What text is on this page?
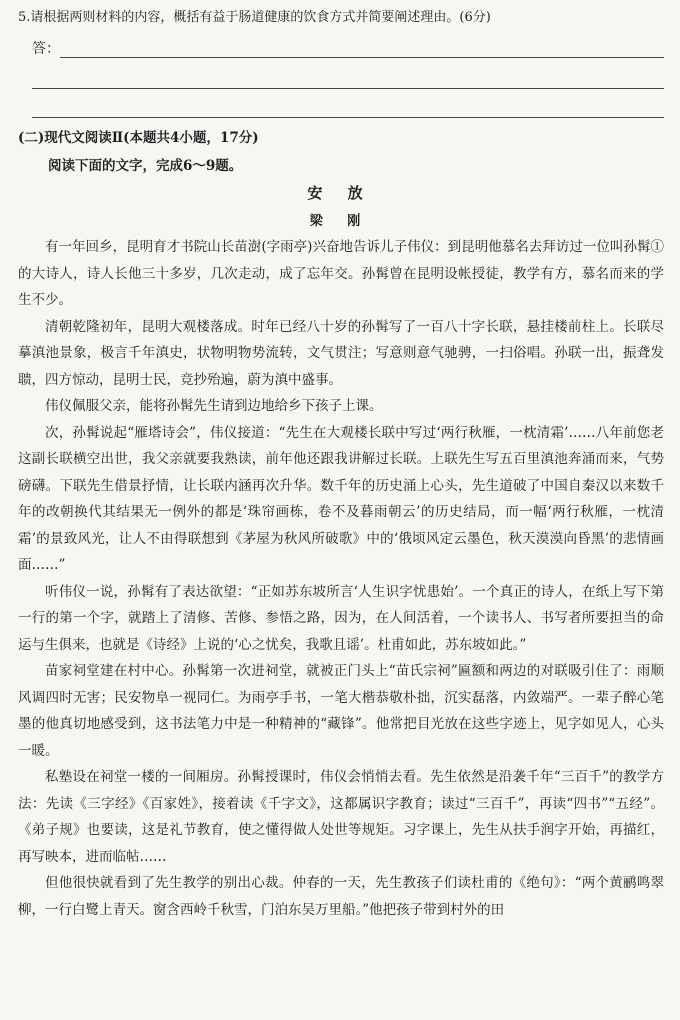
5.请根据两则材料的内容，概括有益于肠道健康的饮食方式并简要阐述理由。(6分)
答：
(二)现代文阅读Ⅱ(本题共4小题，17分)
阅读下面的文字，完成6～9题。
安 放
梁 刚

有一年回乡，昆明育才书院山长苗澍(字雨亭)兴奋地告诉儿子伟仪：到昆明他慕名去拜访过一位叫孙髯①的大诗人，诗人长他三十多岁，几次走动，成了忘年交。孙髯曾在昆明设帐授徒，教学有方，慕名而来的学生不少。

清朝乾隆初年，昆明大观楼落成。时年已经八十岁的孙髯写了一百八十字长联，悬挂楼前柱上。长联尽摹滇池景象，极言千年滇史，状物明物势流转，文气贯注；写意则意气驰骋，一扫俗唱。孙联一出，振聋发聩，四方惊动，昆明士民，竞抄殆遍，蔚为滇中盛事。

伟仪佩服父亲，能将孙髯先生请到边地给乡下孩子上课。

次，孙髯说起“雁塔诗会”，伟仪接道：“先生在大观楼长联中写过‘两行秋雁，一枕清霜’……八年前您老这副长联横空出世，我父亲就要我熟读，前年他还跟我讲解过长联。上联先生写五百里滇池奔涌而来，气势磅礴。下联先生借景抒情，让长联内涵再次升华。数千年的历史涌上心头，先生道破了中国自秦汉以来数千年的改朝换代其结果无一例外的都是‘珠帘画栋，卷不及暮雨朝云’的历史结局，而一幅‘两行秋雁，一枕清霜’的景致风光，让人不由得联想到《茅屋为秋风所破歌》中的‘俄顷风定云墨色，秋天漠漠向昏黑’的悲情画面……”

听伟仪一说，孙髯有了表达欲望：“正如苏东坡所言‘人生识字忧患始’。一个真正的诗人，在纸上写下第一行的第一个字，就踏上了清修、苦修、参悟之路，因为，在人间活着，一个读书人、书写者所要担当的命运与生俱来，也就是《诗经》上说的‘心之忧矣，我歌且谣’。杜甫如此，苏东坡如此。”

苗家祠堂建在村中心。孙髯第一次进祠堂，就被正门头上“苗氏宗祠”匾额和两边的对联吸引住了：雨顺风调四时无害；民安物阜一视同仁。为雨亭手书，一笔大楷恭敬朴拙，沉实磊落，内敛端严。一辈子醉心笔墨的他真切地感受到，这书法笔力中是一种精神的“藏锋”。他常把目光放在这些字迹上，见字如见人，心头一暖。

私塾设在祠堂一楼的一间厢房。孙髯授课时，伟仪会悄悄去看。先生依然是沿袭千年“三百千”的教学方法：先读《三字经》《百家姓》，接着读《千字文》，这都属识字教育；读过“三百千”，再读“四书”“五经”。《弟子规》也要读，这是礼节教育，使之懂得做人处世等规矩。习字课上，先生从扶手润字开始，再描红，再写映本，进而临帖……

但他很快就看到了先生教学的别出心裁。仲春的一天，先生教孩子们读杜甫的《绝句》：“两个黄鹂鸣翠柳，一行白鹭上青天。窗含西岭千秋雪，门泊东吴万里船。”他把孩子带到村外的田
